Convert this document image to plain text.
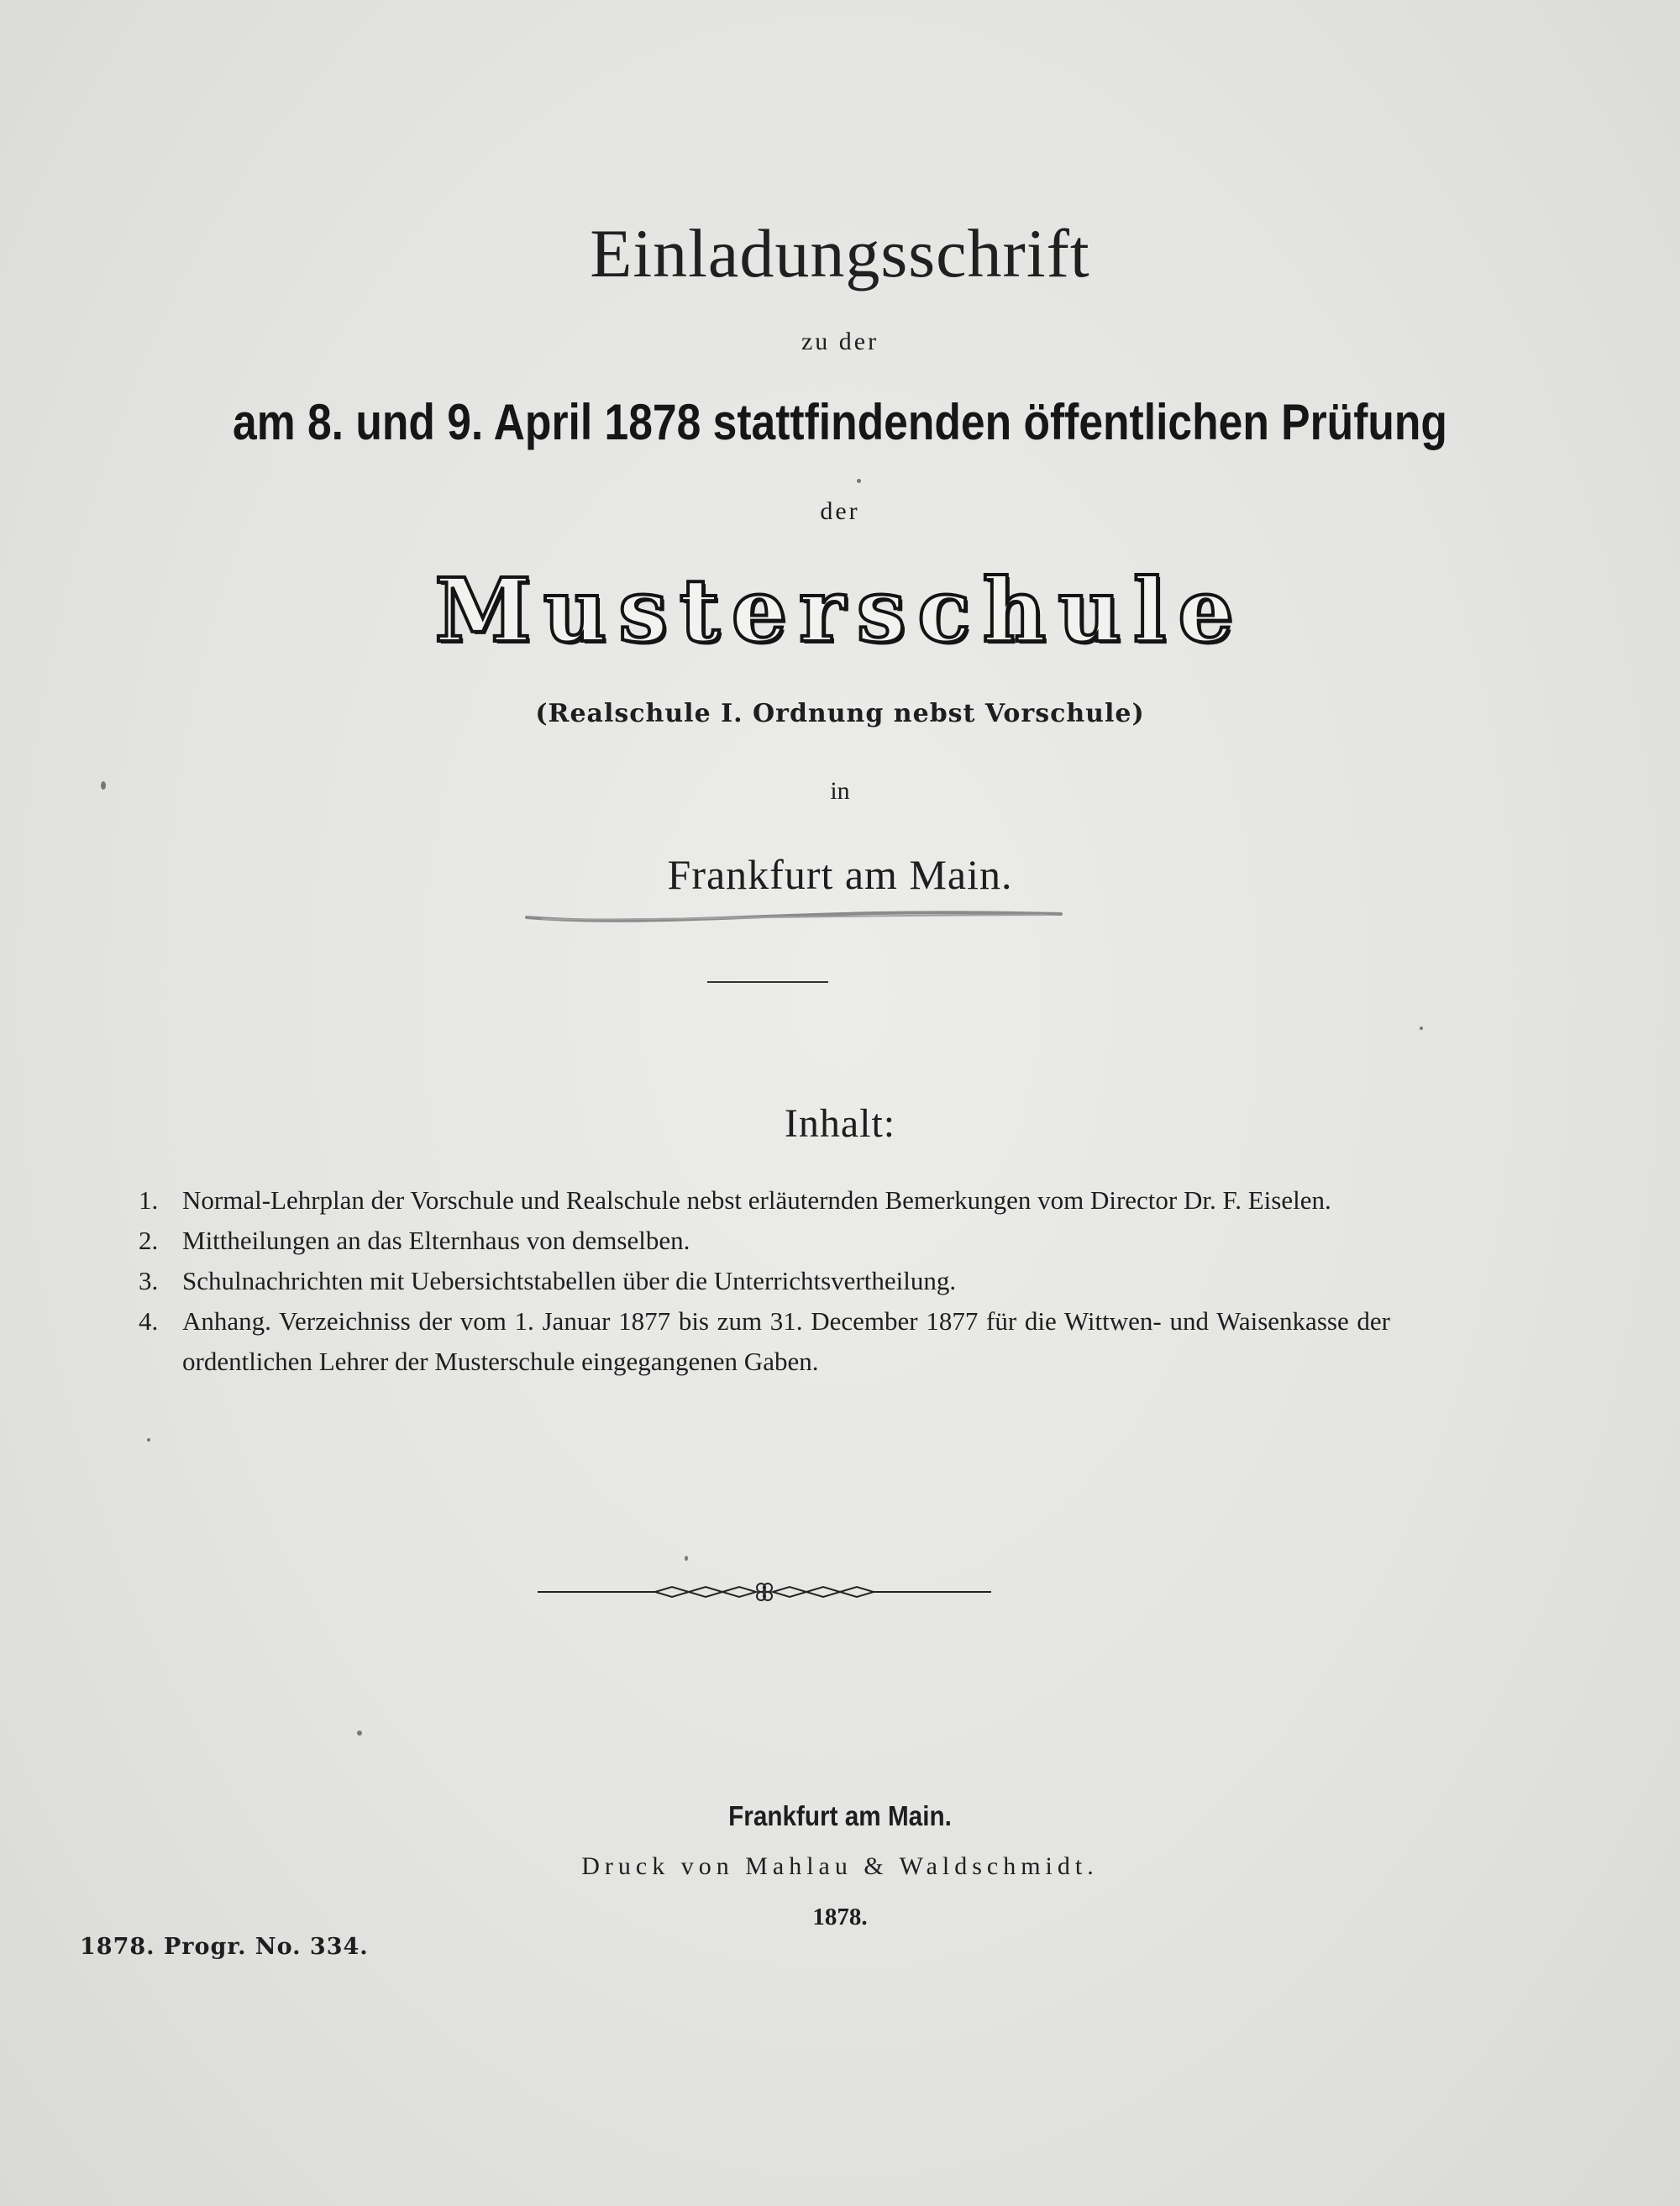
Einladungsschrift
zu der
am 8. und 9. April 1878 stattfindenden öffentlichen Prüfung
der
Musterschule
(Realschule I. Ordnung nebst Vorschule)
in
Frankfurt am Main.
Inhalt:
1. Normal-Lehrplan der Vorschule und Realschule nebst erläuternden Bemerkungen vom Director Dr. F. Eiselen.
2. Mittheilungen an das Elternhaus von demselben.
3. Schulnachrichten mit Uebersichtstabellen über die Unterrichtsvertheilung.
4. Anhang. Verzeichniss der vom 1. Januar 1877 bis zum 31. December 1877 für die Wittwen- und Waisenkasse der ordentlichen Lehrer der Musterschule eingegangenen Gaben.
Frankfurt am Main.
Druck von Mahlau & Waldschmidt.
1878.
1878. Progr. No. 334.
